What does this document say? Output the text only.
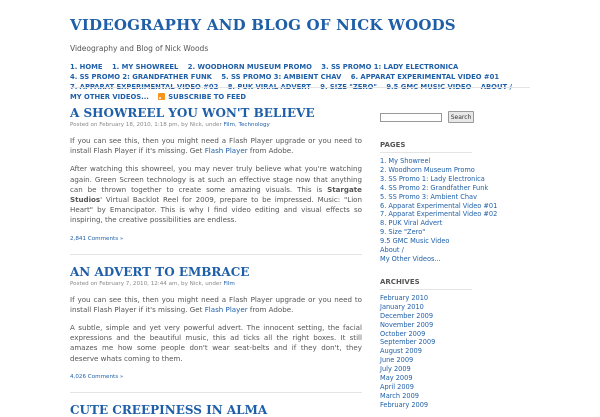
VIDEOGRAPHY AND BLOG OF NICK WOODS
Videography and Blog of Nick Woods
1. HOME 1. MY SHOWREEL 2. WOODHORN MUSEUM PROMO 3. SS PROMO 1: LADY ELECTRONICA 4. SS PROMO 2: GRANDFATHER FUNK 5. SS PROMO 3: AMBIENT CHAV 6. APPARAT EXPERIMENTAL VIDEO #01 7. APPARAT EXPERIMENTAL VIDEO #02 8. PUK VIRAL ADVERT 9. SIZE "ZERO" 9.5 GMC MUSIC VIDEO ABOUT / MY OTHER VIDEOS...	SUBSCRIBE TO FEED
A SHOWREEL YOU WON'T BELIEVE
Posted on February 18, 2010, 1:18 pm, by Nick, under Film, Technology

If you can see this, then you might need a Flash Player upgrade or you need to install Flash Player if it's missing. Get Flash Player from Adobe.

After watching this showreel, you may never truly believe what you're watching again. Green Screen technology is at such an effective stage now that anything can be thrown together to create some amazing visuals. This is Stargate Studios' Virtual Backlot Reel for 2009, prepare to be impressed. Music: "Lion Heart" by Emancipator. This is why I find video editing and visual effects so inspiring, the creative possibilities are endless.

2,841 Comments »
AN ADVERT TO EMBRACE
Posted on February 7, 2010, 12:44 am, by Nick, under Film

If you can see this, then you might need a Flash Player upgrade or you need to install Flash Player if it's missing. Get Flash Player from Adobe.

A subtle, simple and yet very powerful advert. The innocent setting, the facial expressions and the beautiful music, this ad ticks all the right boxes. It still amazes me how some people don't wear seat-belts and if they don't, they deserve whats coming to them.

4,026 Comments »
CUTE CREEPINESS IN ALMA
Search
PAGES
1. My Showreel
2. Woodhorn Museum Promo
3. SS Promo 1: Lady Electronica
4. SS Promo 2: Grandfather Funk
5. SS Promo 3: Ambient Chav
6. Apparat Experimental Video #01
7. Apparat Experimental Video #02
8. PUK Viral Advert
9. Size "Zero"
9.5 GMC Music Video
About /
My Other Videos...
ARCHIVES
February 2010
January 2010
December 2009
November 2009
October 2009
September 2009
August 2009
June 2009
July 2009
May 2009
April 2009
March 2009
February 2009
